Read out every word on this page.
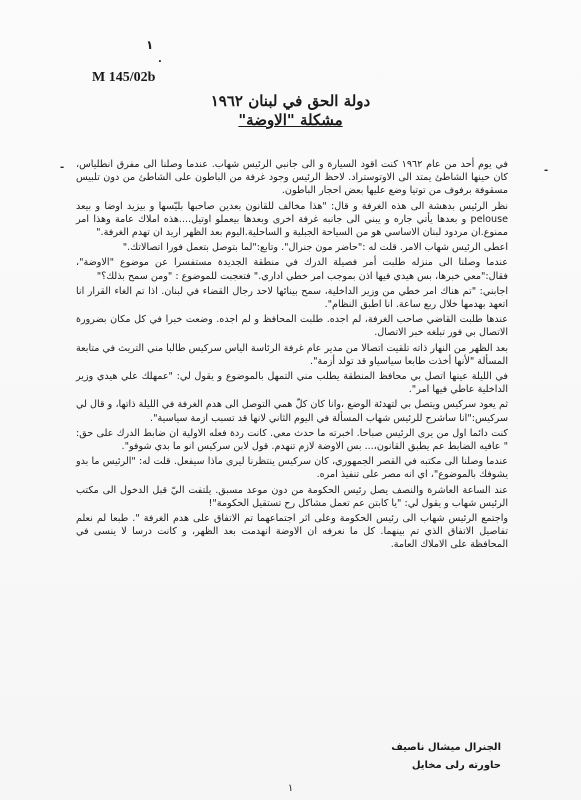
١
.
-	-
M 145/02b
دولة الحق في لبنان ١٩٦٢
مشكلة "الاوضة"

في يوم أحد من عام ١٩٦٢ كنت اقود السيارة و الى جانبي الرئيس شهاب. عندما وصلنا الى مفرق انطلياس، كان حينها الشاطئ يمتد الى الاوتوستراد. لاحظ الرئيس وجود غرفة من الباطون على الشاطئ من دون تلبيس مسقوفة برفوف من توتيا وضع عليها بعض احجار الباطون.

نظر الرئيس بدهشة الى هذه الغرفة و قال: "هذا مخالف للقانون بعدين صاحبها بليّسها و بيزيد اوضا و بيعد pelouse و بعدها يأتي جاره و يبني الى جانبه غرفة اخرى وبعدها بيعملو اوتيل....هذه املاك عامة وهذا امر ممنوع.ان مردود لبنان الاساسي هو من السياحة الجبلية و الساحلية.اليوم بعد الظهر اريد ان تهدم الغرفة."

اعطى الرئيس شهاب الامر. قلت له :"حاضر مون جنرال". وتابع:"لما بتوصل بتعمل فورا اتصالاتك."

عندما وصلنا الى منزله طلبت أمر فصيلة الدرك في منطقة الجديدة مستفسرا عن موضوع "الاوضة"، فقال:"معي خبرها، بس هيدي فيها اذن بموجب امر خطي اداري." فتعجبت للموضوع : "ومن سمح بذلك؟"

اجابني: "تم هناك امر خطي من وزير الداخلية، سمح بينائها لاحد رجال القضاء في لبنان. اذا تم الغاء القرار انا اتعهد بهدمها خلال ربع ساعة. انا اطبق النظام".

عندها طلبت القاضي صاحب الغرفة، لم اجده. طلبت المحافظ و لم اجده. وضعت خبرا في كل مكان بضرورة الاتصال بي فور تبلغه خبر الاتصال.

بعد الظهر من النهار ذاته تلقيت اتصالا من مدير عام غرفة الرئاسة الياس سركيس طالبا مني التريث في متابعة المسألة "لأنها أخذت طابعا سياسياو قد تولد أزمة".

في الليلة عينها اتصل بي محافظ المنطقة يطلب مني التمهل بالموضوع و يقول لي: "عمهلك علي هيدي وزير الداخلية عاطي فيها امر".

ثم يعود سركيس ويتصل بي لتهدئة الوضع ،وانا كان كلّ همي التوصل الى هدم الغرفة في الليلة ذاتها، و قال لي سركيس:"انا ساشرح للرئيس شهاب المسألة في اليوم الثاني لانها قد تسبب ازمة سياسية".

كنت دائما اول من يرى الرئيس صباحا. اخبرته ما حدث معي. كانت ردة فعله الاولية ان ضابط الدرك على حق: " عافيه الضابط عم يطبق القانون،... بس الاوضة لازم تنهدم. قول لابن سركيس انو ما بدي شوفو".

عندما وصلنا الى مكتبه في القصر الجمهوري، كان سركيس ينتظرنا ليرى ماذا سيفعل. قلت له: "الرئيس ما بدو يشوفك بالموضوع"، اي انه مصر على تنفيذ امره.

عند الساعة العاشرة والنصف يصل رئيس الحكومة من دون موعد مسبق. يلتفت اليّ قبل الدخول الى مكتب الرئيس شهاب و يقول لي: "يا كابتن عم تعمل مشاكل رح تستقيل الحكومة"!

واجتمع الرئيس شهاب الى رئيس الحكومة وعلى اثر اجتماعهما تم الاتفاق على هدم الغرفة ". طبعا لم نعلم تفاصيل الاتفاق الذي تم بينهما. كل ما نعرفه ان الاوضة انهدمت بعد الظهر، و كانت درسا لا ينسى في المحافظة على الاملاك العامة.

الجنرال ميشال ناصيف
حاورته رلى مخايل
١
